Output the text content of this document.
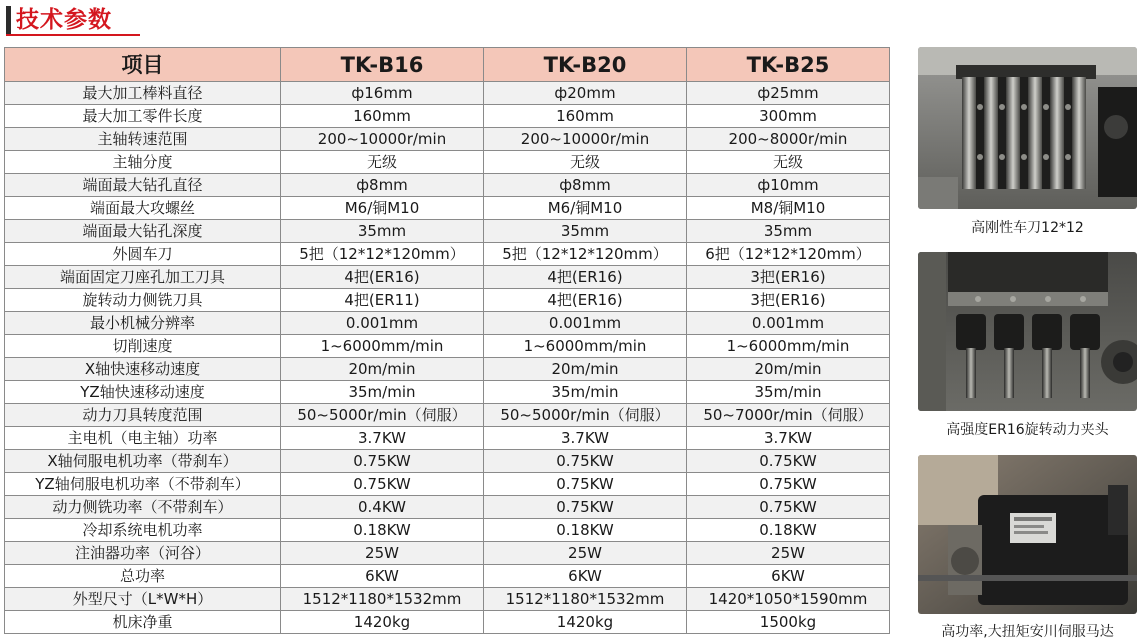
技术参数
项目	TK-B16	TK-B20	TK-B25
最大加工棒料直径	ф16mm	ф20mm	ф25mm
最大加工零件长度	160mm	160mm	300mm
主轴转速范围	200~10000r/min	200~10000r/min	200~8000r/min
主轴分度	无级	无级	无级
端面最大钻孔直径	ф8mm	ф8mm	ф10mm
端面最大攻螺丝	M6/铜M10	M6/铜M10	M8/铜M10
端面最大钻孔深度	35mm	35mm	35mm
外圆车刀	5把（12*12*120mm）	5把（12*12*120mm）	6把（12*12*120mm）
端面固定刀座孔加工刀具	4把(ER16)	4把(ER16)	3把(ER16)
旋转动力侧铣刀具	4把(ER11)	4把(ER16)	3把(ER16)
最小机械分辨率	0.001mm	0.001mm	0.001mm
切削速度	1~6000mm/min	1~6000mm/min	1~6000mm/min
X轴快速移动速度	20m/min	20m/min	20m/min
YZ轴快速移动速度	35m/min	35m/min	35m/min
动力刀具转度范围	50~5000r/min（伺服）	50~5000r/min（伺服）	50~7000r/min（伺服）
主电机（电主轴）功率	3.7KW	3.7KW	3.7KW
X轴伺服电机功率（带刹车）	0.75KW	0.75KW	0.75KW
YZ轴伺服电机功率（不带刹车）	0.75KW	0.75KW	0.75KW
动力侧铣功率（不带刹车）	0.4KW	0.75KW	0.75KW
冷却系统电机功率	0.18KW	0.18KW	0.18KW
注油器功率（河谷）	25W	25W	25W
总功率	6KW	6KW	6KW
外型尺寸（L*W*H）	1512*1180*1532mm	1512*1180*1532mm	1420*1050*1590mm
机床净重	1420kg	1420kg	1500kg
高刚性车刀12*12
高强度ER16旋转动力夹头
高功率,大扭矩安川伺服马达
